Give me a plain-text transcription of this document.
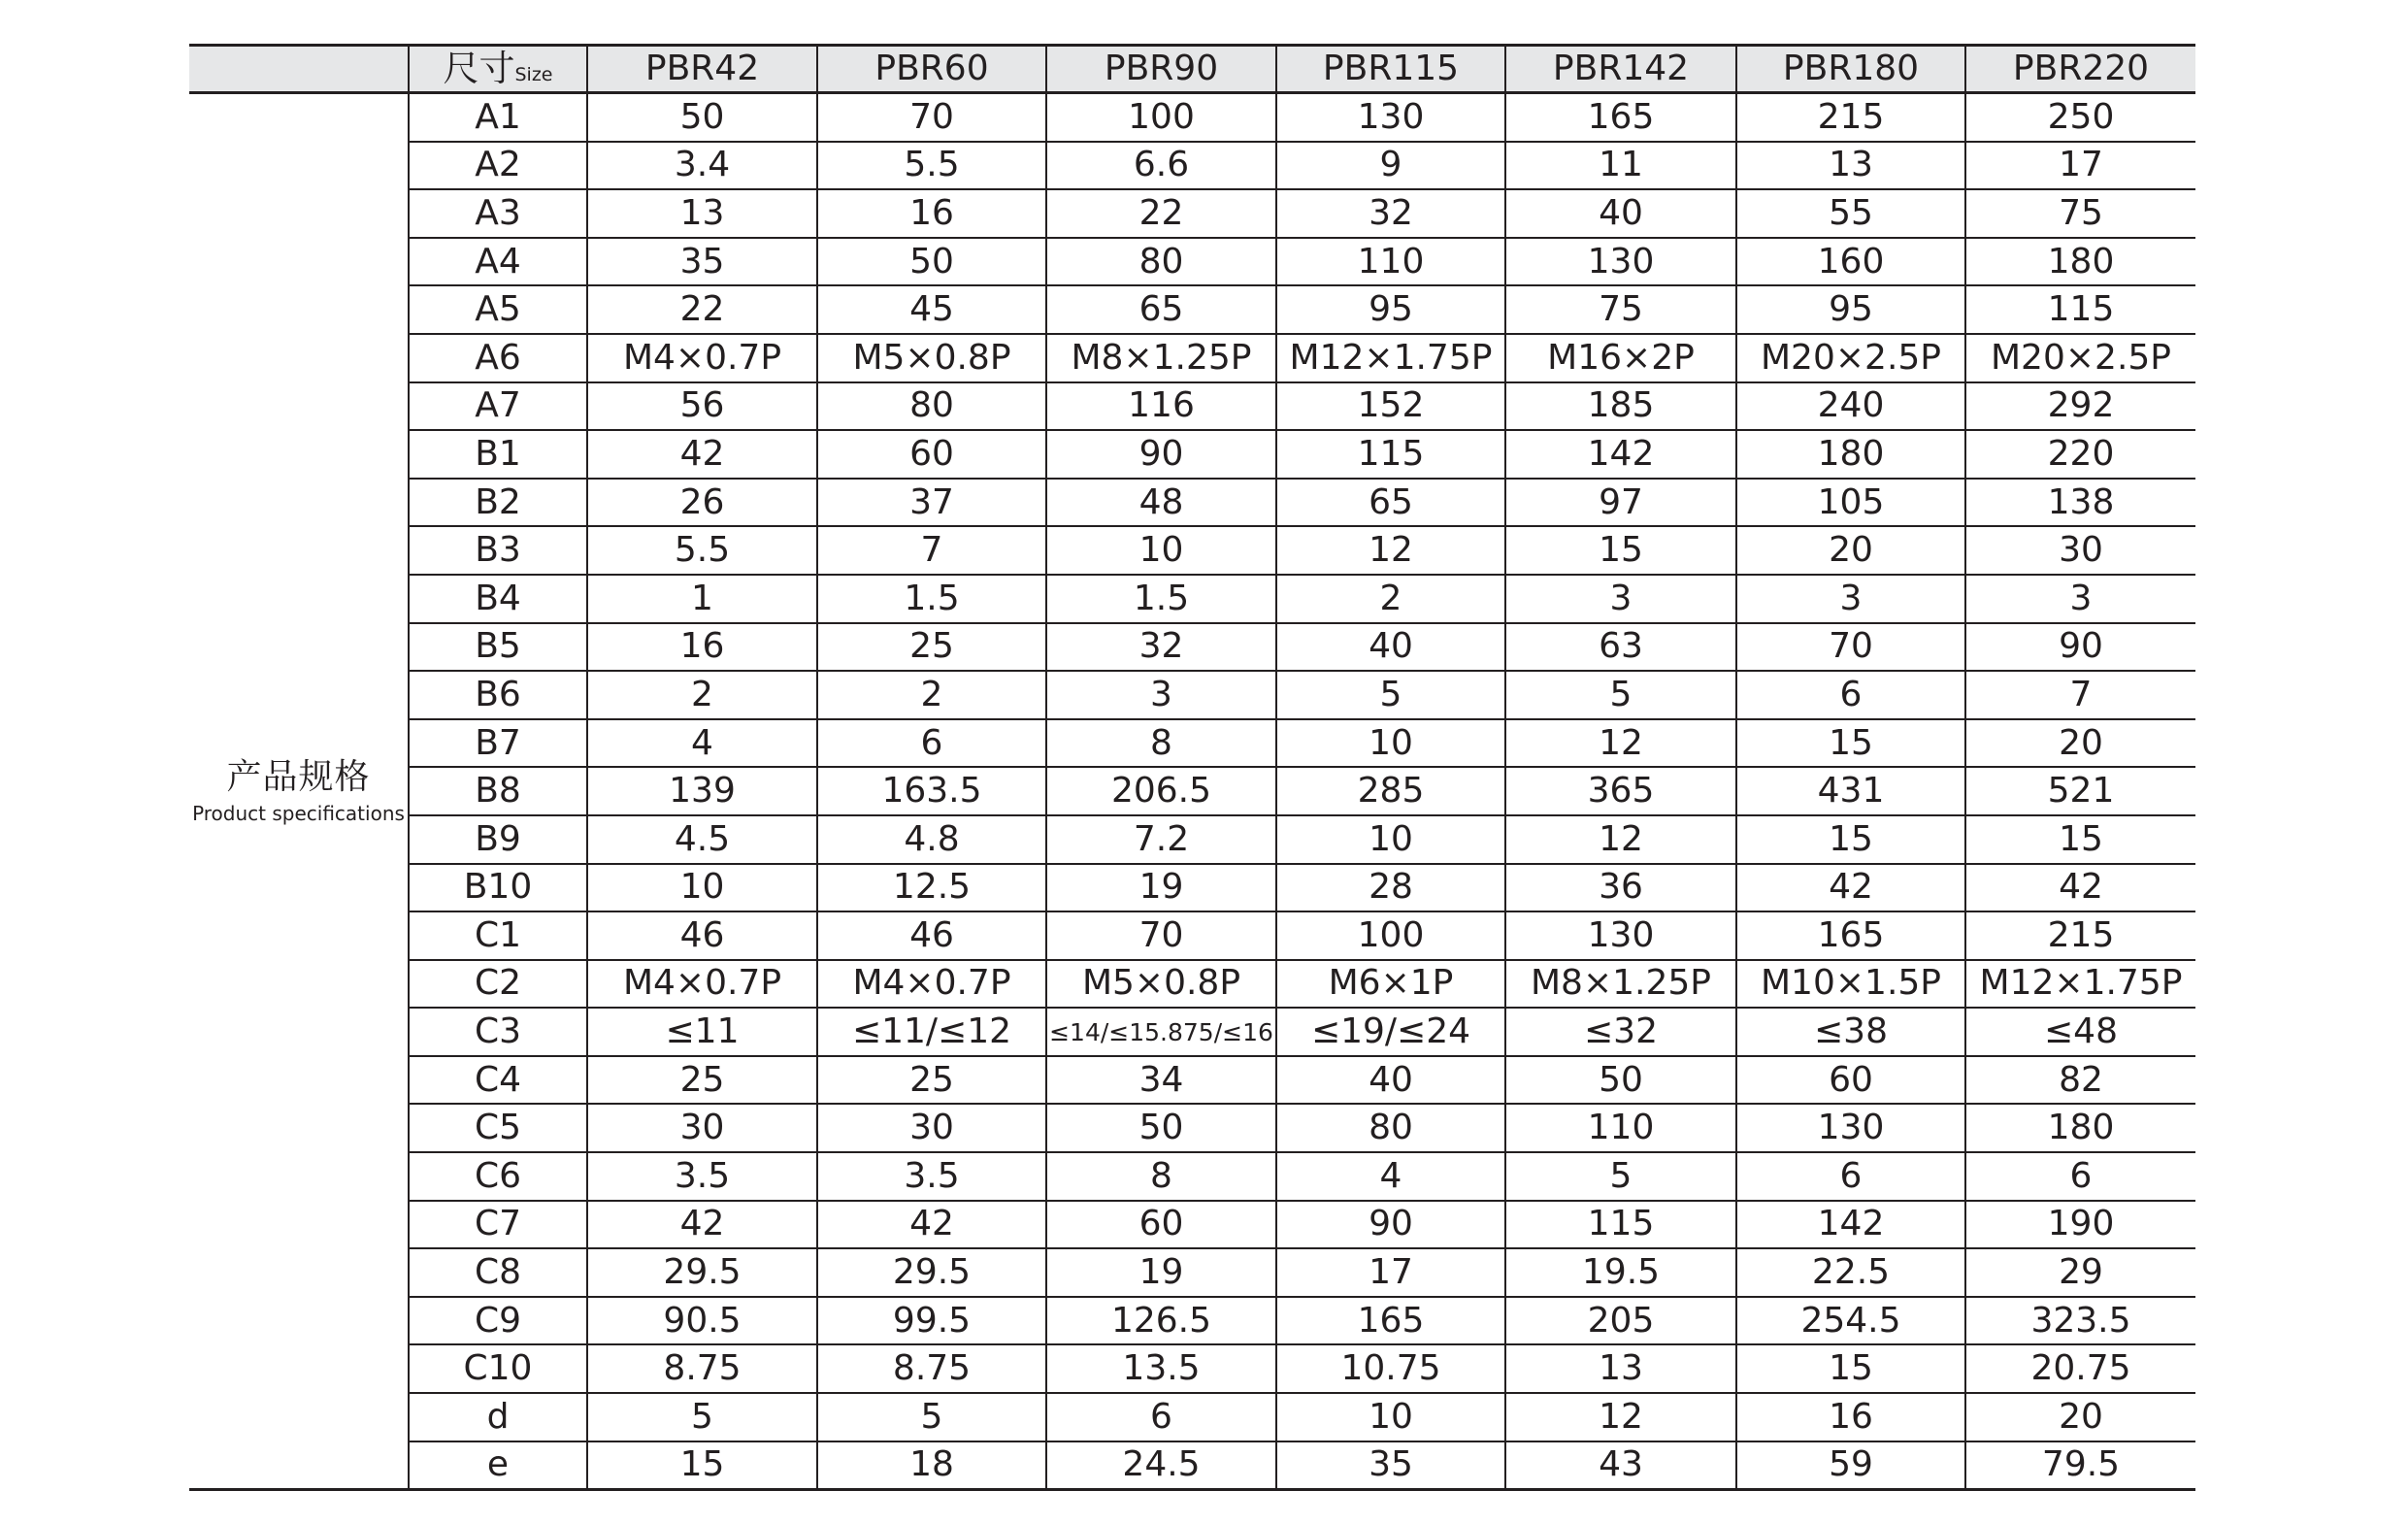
	尺寸Size	PBR42	PBR60	PBR90	PBR115	PBR142	PBR180	PBR220

产品规格
Product specifications	A1	50	70	100	130	165	215	250
	A2	3.4	5.5	6.6	9	11	13	17
	A3	13	16	22	32	40	55	75
	A4	35	50	80	110	130	160	180
	A5	22	45	65	95	75	95	115
	A6	M4×0.7P	M5×0.8P	M8×1.25P	M12×1.75P	M16×2P	M20×2.5P	M20×2.5P
	A7	56	80	116	152	185	240	292
	B1	42	60	90	115	142	180	220
	B2	26	37	48	65	97	105	138
	B3	5.5	7	10	12	15	20	30
	B4	1	1.5	1.5	2	3	3	3
	B5	16	25	32	40	63	70	90
	B6	2	2	3	5	5	6	7
	B7	4	6	8	10	12	15	20
	B8	139	163.5	206.5	285	365	431	521
	B9	4.5	4.8	7.2	10	12	15	15
	B10	10	12.5	19	28	36	42	42
	C1	46	46	70	100	130	165	215
	C2	M4×0.7P	M4×0.7P	M5×0.8P	M6×1P	M8×1.25P	M10×1.5P	M12×1.75P
	C3	≤11	≤11/≤12	≤14/≤15.875/≤16	≤19/≤24	≤32	≤38	≤48
	C4	25	25	34	40	50	60	82
	C5	30	30	50	80	110	130	180
	C6	3.5	3.5	8	4	5	6	6
	C7	42	42	60	90	115	142	190
	C8	29.5	29.5	19	17	19.5	22.5	29
	C9	90.5	99.5	126.5	165	205	254.5	323.5
	C10	8.75	8.75	13.5	10.75	13	15	20.75
	d	5	5	6	10	12	16	20
	e	15	18	24.5	35	43	59	79.5
